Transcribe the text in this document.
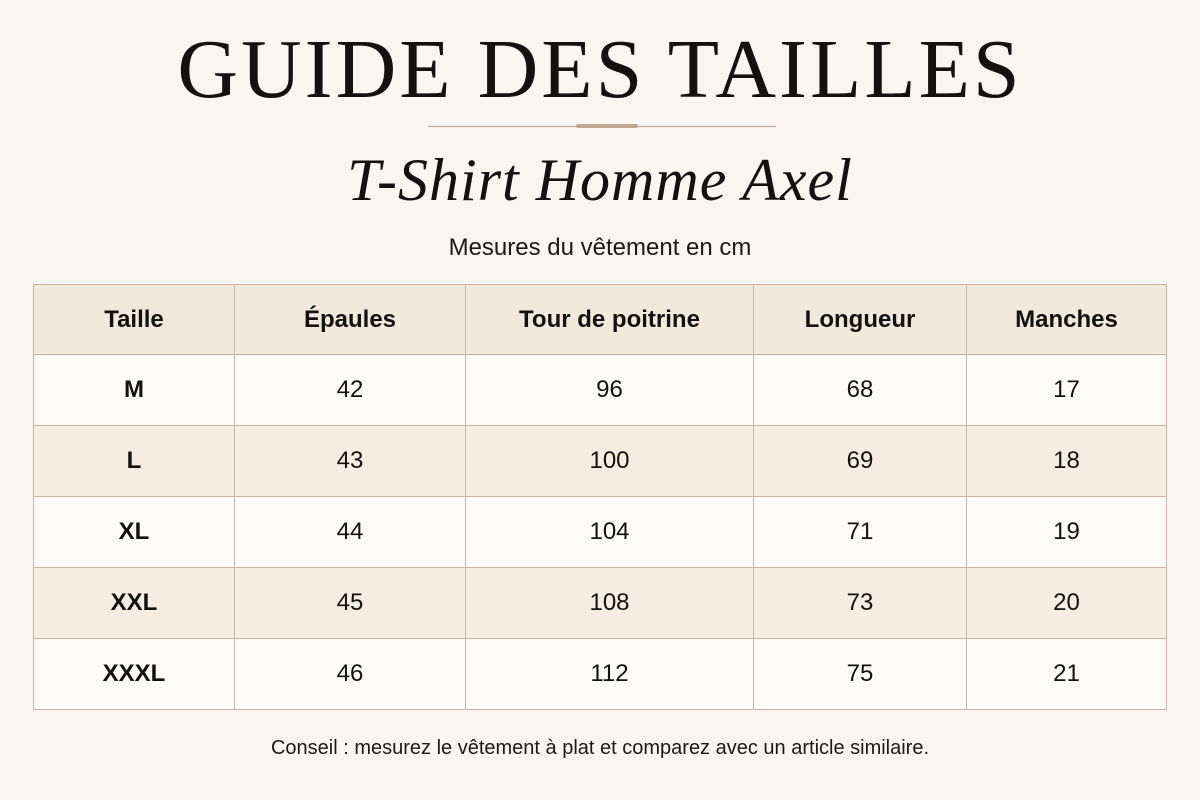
GUIDE DES TAILLES
T-Shirt Homme Axel
Mesures du vêtement en cm
Taille	Épaules	Tour de poitrine	Longueur	Manches
M	42	96	68	17
L	43	100	69	18
XL	44	104	71	19
XXL	45	108	73	20
XXXL	46	112	75	21
Conseil : mesurez le vêtement à plat et comparez avec un article similaire.
